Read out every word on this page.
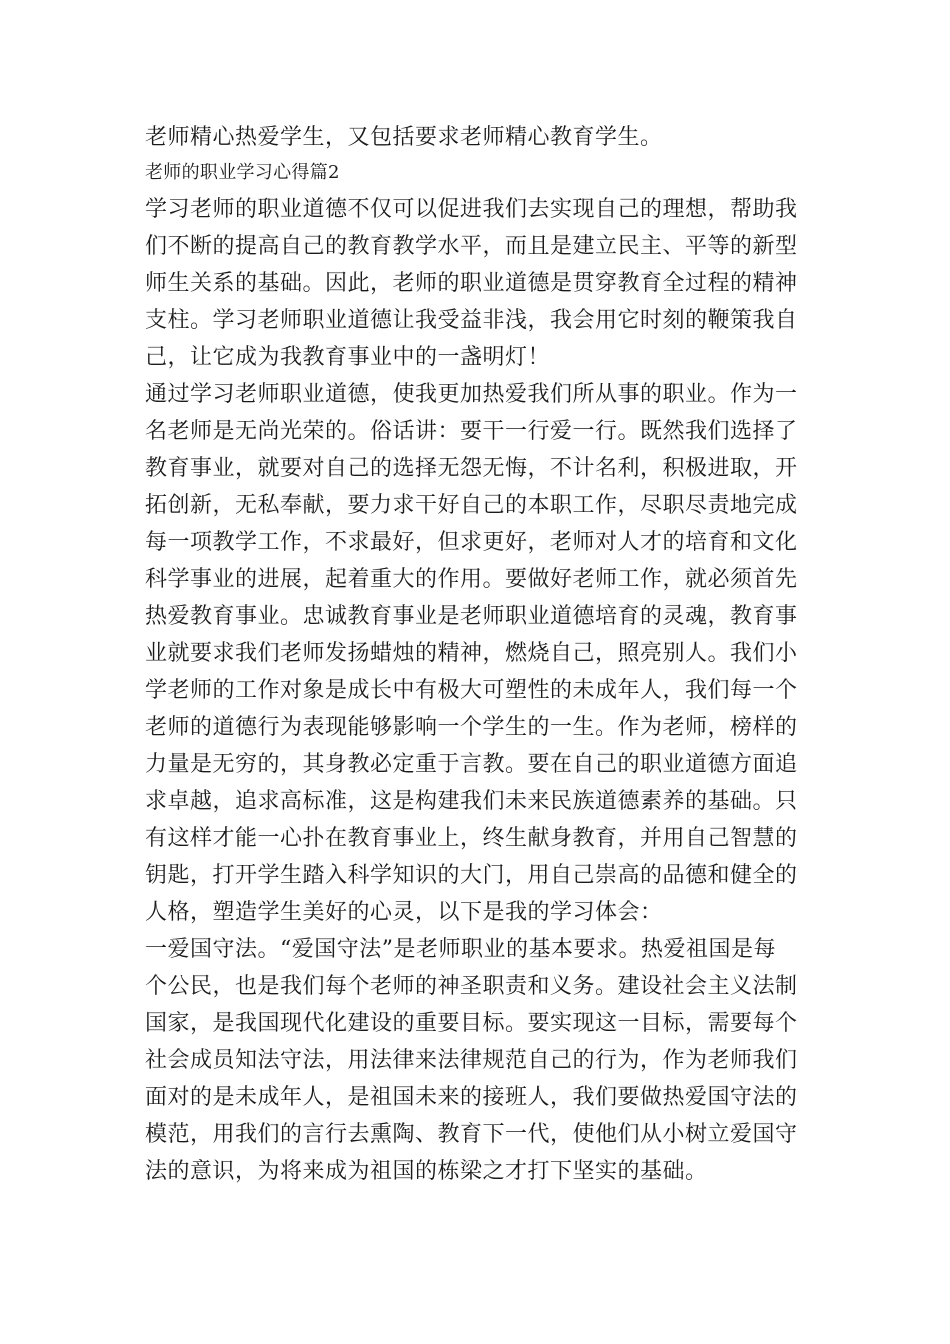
老师精心热爱学生，又包括要求老师精心教育学生。
老师的职业学习心得篇2
学习老师的职业道德不仅可以促进我们去实现自己的理想，帮助我
们不断的提高自己的教育教学水平，而且是建立民主、平等的新型
师生关系的基础。因此，老师的职业道德是贯穿教育全过程的精神
支柱。学习老师职业道德让我受益非浅，我会用它时刻的鞭策我自
己，让它成为我教育事业中的一盏明灯！
通过学习老师职业道德，使我更加热爱我们所从事的职业。作为一
名老师是无尚光荣的。俗话讲：要干一行爱一行。既然我们选择了
教育事业，就要对自己的选择无怨无悔，不计名利，积极进取，开
拓创新，无私奉献，要力求干好自己的本职工作，尽职尽责地完成
每一项教学工作，不求最好，但求更好，老师对人才的培育和文化
科学事业的进展，起着重大的作用。要做好老师工作，就必须首先
热爱教育事业。忠诚教育事业是老师职业道德培育的灵魂，教育事
业就要求我们老师发扬蜡烛的精神，燃烧自己，照亮别人。我们小
学老师的工作对象是成长中有极大可塑性的未成年人，我们每一个
老师的道德行为表现能够影响一个学生的一生。作为老师，榜样的
力量是无穷的，其身教必定重于言教。要在自己的职业道德方面追
求卓越，追求高标准，这是构建我们未来民族道德素养的基础。只
有这样才能一心扑在教育事业上，终生献身教育，并用自己智慧的
钥匙，打开学生踏入科学知识的大门，用自己崇高的品德和健全的
人格，塑造学生美好的心灵，以下是我的学习体会：
一爱国守法。“爱国守法”是老师职业的基本要求。热爱祖国是每
个公民，也是我们每个老师的神圣职责和义务。建设社会主义法制
国家，是我国现代化建设的重要目标。要实现这一目标，需要每个
社会成员知法守法，用法律来法律规范自己的行为，作为老师我们
面对的是未成年人，是祖国未来的接班人，我们要做热爱国守法的
模范，用我们的言行去熏陶、教育下一代，使他们从小树立爱国守
法的意识，为将来成为祖国的栋梁之才打下坚实的基础。
